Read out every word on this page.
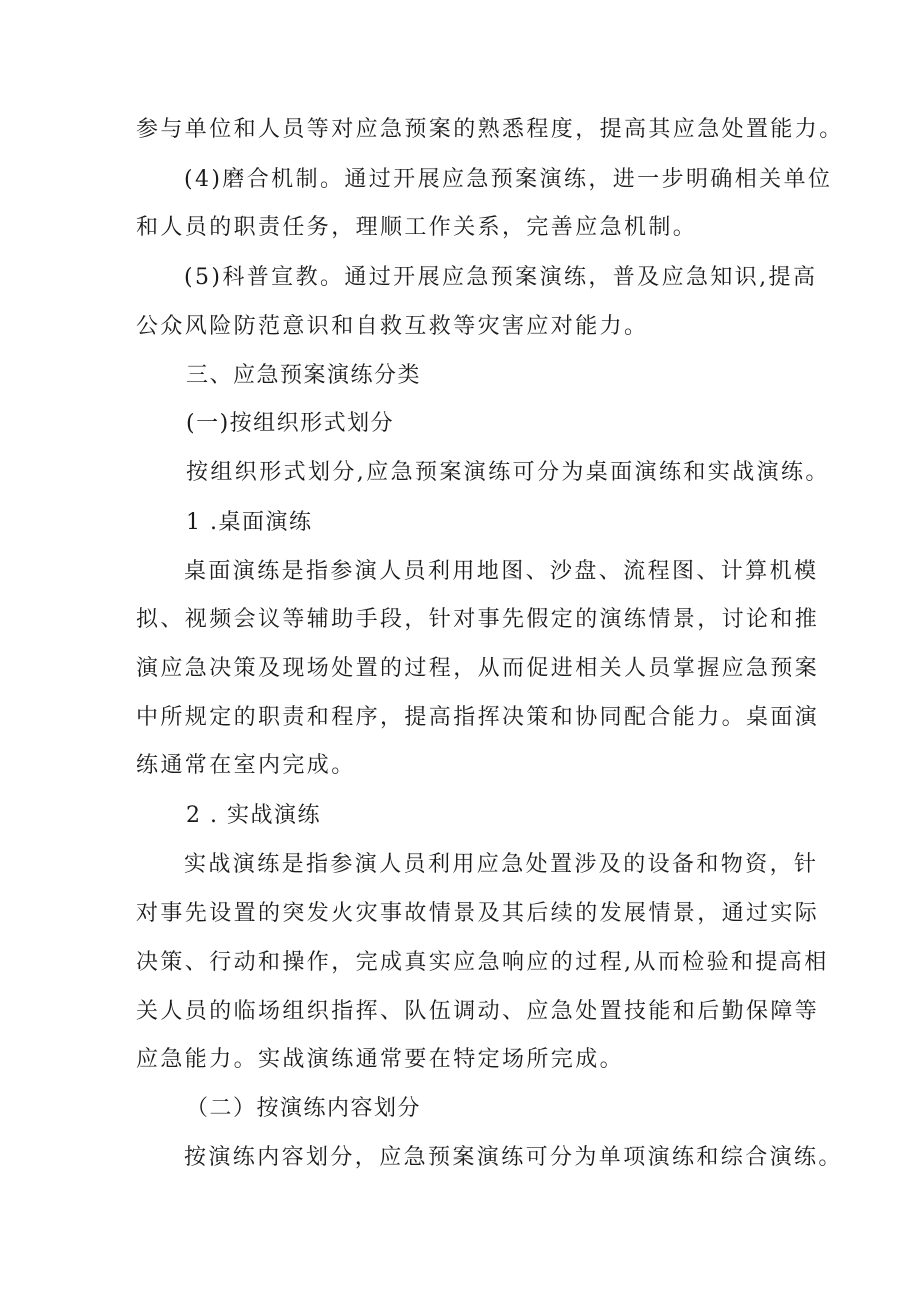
参与单位和人员等对应急预案的熟悉程度，提高其应急处置能力。
(4)磨合机制。通过开展应急预案演练，进一步明确相关单位
和人员的职责任务，理顺工作关系，完善应急机制。
(5)科普宣教。通过开展应急预案演练，普及应急知识,提高
公众风险防范意识和自救互救等灾害应对能力。
三、应急预案演练分类
(一)按组织形式划分
按组织形式划分,应急预案演练可分为桌面演练和实战演练。
1 .桌面演练
桌面演练是指参演人员利用地图、沙盘、流程图、计算机模
拟、视频会议等辅助手段，针对事先假定的演练情景，讨论和推
演应急决策及现场处置的过程，从而促进相关人员掌握应急预案
中所规定的职责和程序，提高指挥决策和协同配合能力。桌面演
练通常在室内完成。
2 . 实战演练
实战演练是指参演人员利用应急处置涉及的设备和物资，针
对事先设置的突发火灾事故情景及其后续的发展情景，通过实际
决策、行动和操作，完成真实应急响应的过程,从而检验和提高相
关人员的临场组织指挥、队伍调动、应急处置技能和后勤保障等
应急能力。实战演练通常要在特定场所完成。
（二）按演练内容划分
按演练内容划分，应急预案演练可分为单项演练和综合演练。
